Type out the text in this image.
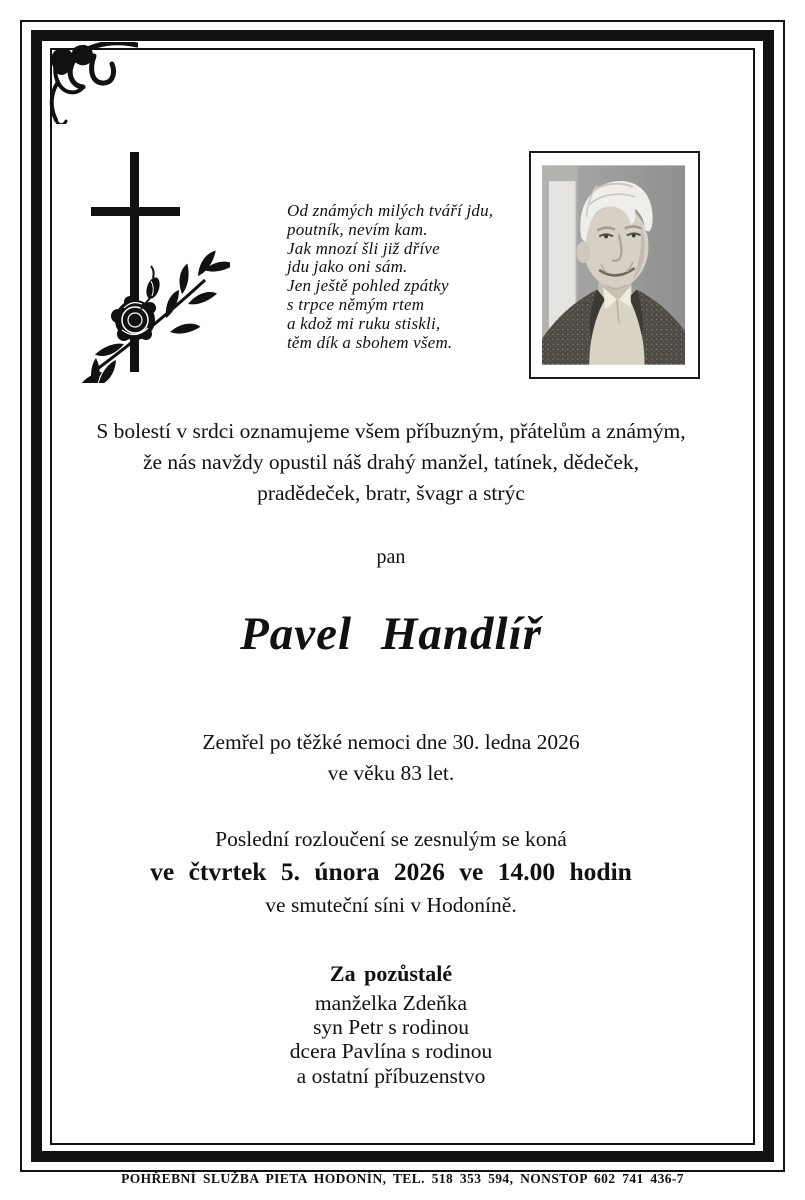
Od známých milých tváří jdu,
poutník, nevím kam.
Jak mnozí šli již dříve
jdu jako oni sám.
Jen ještě pohled zpátky
s trpce němým rtem
a kdož mi ruku stiskli,
těm dík a sbohem všem.
S bolestí v srdci oznamujeme všem příbuzným, přátelům a známým,
že nás navždy opustil náš drahý manžel, tatínek, dědeček,
pradědeček, bratr, švagr a strýc
pan
Pavel Handlíř
Zemřel po těžké nemoci dne 30. ledna 2026
ve věku 83 let.
Poslední rozloučení se zesnulým se koná
ve čtvrtek 5. února 2026 ve 14.00 hodin
ve smuteční síni v Hodoníně.
Za pozůstalé
manželka Zdeňka
syn Petr s rodinou
dcera Pavlína s rodinou
a ostatní příbuzenstvo
POHŘEBNÍ SLUŽBA PIETA HODONÍN, TEL. 518 353 594, NONSTOP 602 741 436-7
